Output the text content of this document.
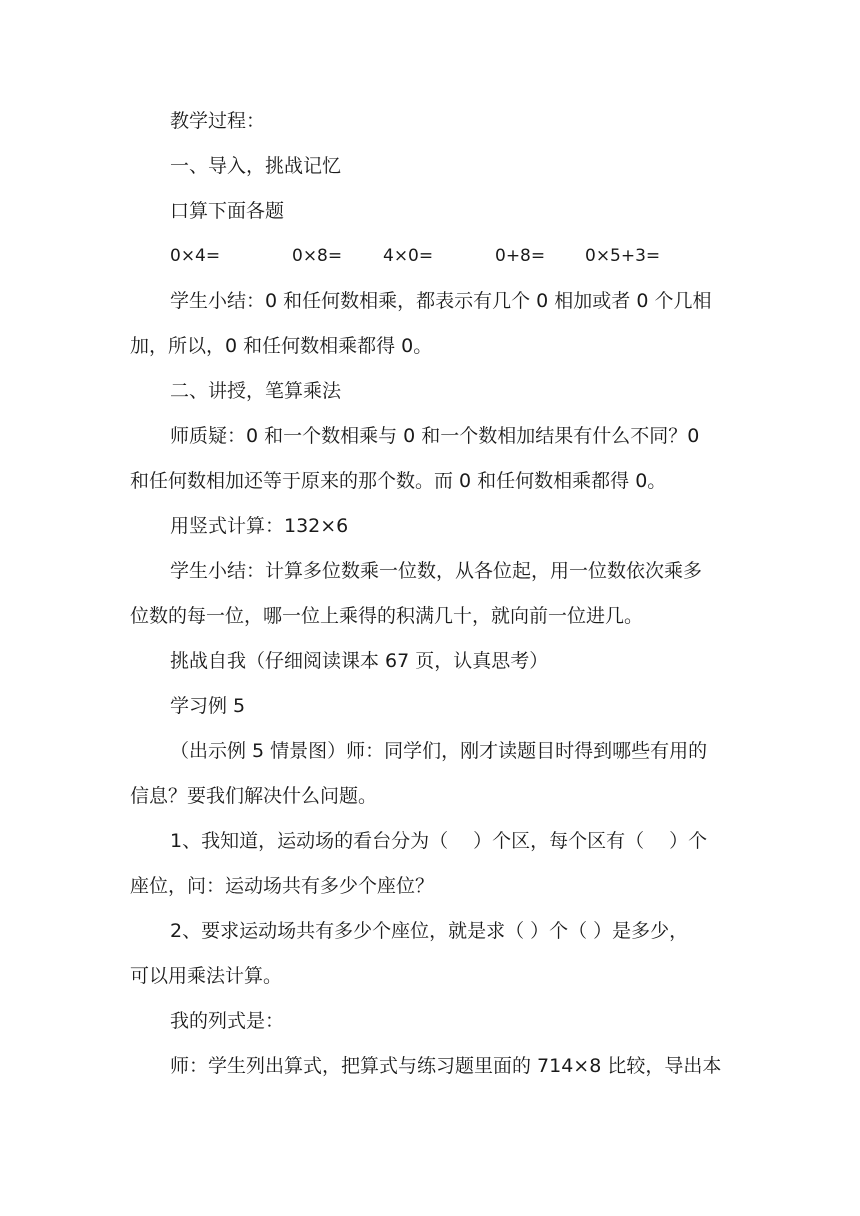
教学过程：
一、导入，挑战记忆
口算下面各题
0×4=	0×8= 4×0=	0+8= 0×5+3=
学生小结：0 和任何数相乘，都表示有几个 0 相加或者 0 个几相
加，所以，0 和任何数相乘都得 0。
二、讲授，笔算乘法
师质疑：0 和一个数相乘与 0 和一个数相加结果有什么不同？0
和任何数相加还等于原来的那个数。而 0 和任何数相乘都得 0。
用竖式计算：132×6
学生小结：计算多位数乘一位数，从各位起，用一位数依次乘多
位数的每一位，哪一位上乘得的积满几十，就向前一位进几。
挑战自我（仔细阅读课本 67 页，认真思考）
学习例 5
（出示例 5 情景图）师：同学们，刚才读题目时得到哪些有用的
信息？要我们解决什么问题。
1、我知道，运动场的看台分为（　 ）个区，每个区有（　 ）个
座位，问：运动场共有多少个座位？
2、要求运动场共有多少个座位，就是求（ ）个（ ）是多少，
可以用乘法计算。
我的列式是：
师：学生列出算式，把算式与练习题里面的 714×8 比较，导出本
